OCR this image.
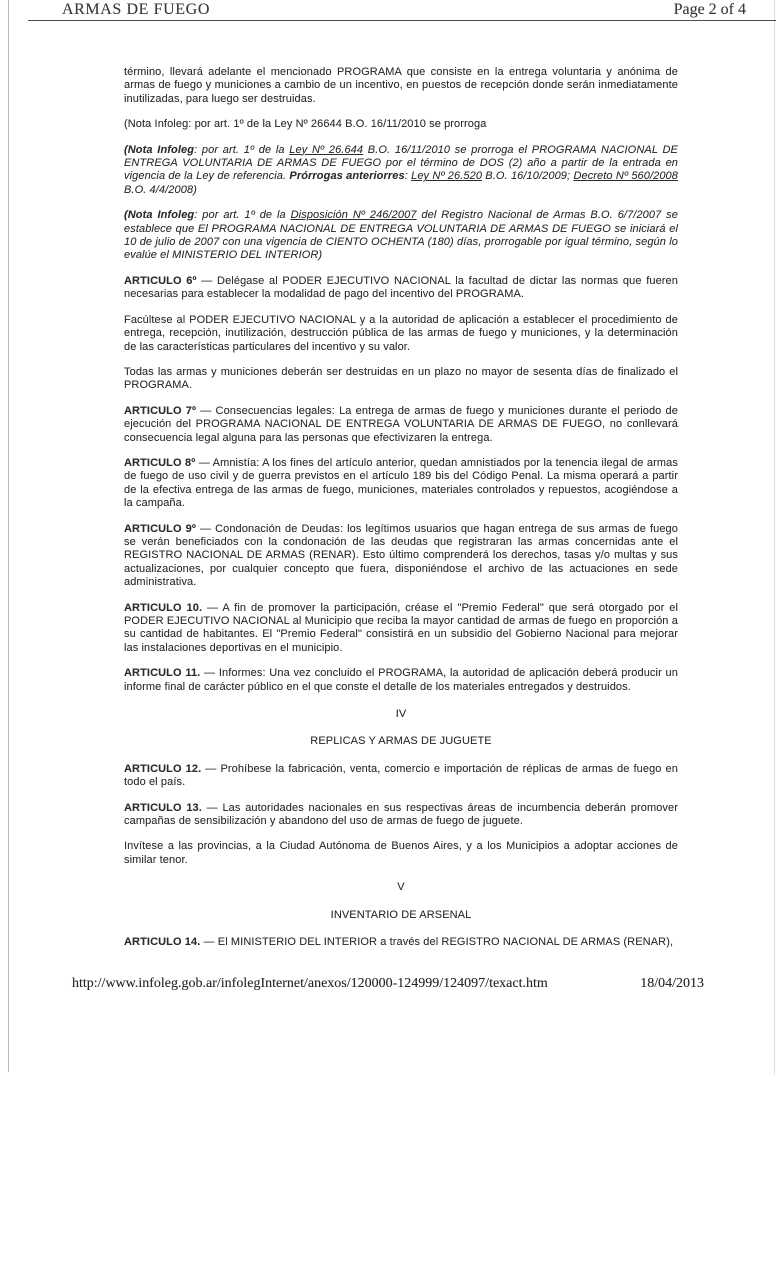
ARMAS DE FUEGO	Page 2 of 4

término, llevará adelante el mencionado PROGRAMA que consiste en la entrega voluntaria y anónima de armas de fuego y municiones a cambio de un incentivo, en puestos de recepción donde serán inmediatamente inutilizadas, para luego ser destruidas.

(Nota Infoleg: por art. 1º de la Ley Nº 26644 B.O. 16/11/2010 se prorroga

(Nota Infoleg: por art. 1º de la Ley Nº 26.644 B.O. 16/11/2010 se prorroga el PROGRAMA NACIONAL DE ENTREGA VOLUNTARIA DE ARMAS DE FUEGO por el término de DOS (2) año a partir de la entrada en vigencia de la Ley de referencia. Prórrogas anteriorres: Ley Nº 26.520 B.O. 16/10/2009; Decreto Nº 560/2008 B.O. 4/4/2008)

(Nota Infoleg: por art. 1º de la Disposición Nº 246/2007 del Registro Nacional de Armas B.O. 6/7/2007 se establece que El PROGRAMA NACIONAL DE ENTREGA VOLUNTARIA DE ARMAS DE FUEGO se iniciará el 10 de julio de 2007 con una vigencia de CIENTO OCHENTA (180) días, prorrogable por igual término, según lo evalúe el MINISTERIO DEL INTERIOR)

ARTICULO 6º — Delégase al PODER EJECUTIVO NACIONAL la facultad de dictar las normas que fueren necesarias para establecer la modalidad de pago del incentivo del PROGRAMA.

Facúltese al PODER EJECUTIVO NACIONAL y a la autoridad de aplicación a establecer el procedimiento de entrega, recepción, inutilización, destrucción pública de las armas de fuego y municiones, y la determinación de las características particulares del incentivo y su valor.

Todas las armas y municiones deberán ser destruidas en un plazo no mayor de sesenta días de finalizado el PROGRAMA.

ARTICULO 7º — Consecuencias legales: La entrega de armas de fuego y municiones durante el periodo de ejecución del PROGRAMA NACIONAL DE ENTREGA VOLUNTARIA DE ARMAS DE FUEGO, no conllevará consecuencia legal alguna para las personas que efectivizaren la entrega.

ARTICULO 8º — Amnistía: A los fines del artículo anterior, quedan amnistiados por la tenencia ilegal de armas de fuego de uso civil y de guerra previstos en el artículo 189 bis del Código Penal. La misma operará a partir de la efectiva entrega de las armas de fuego, municiones, materiales controlados y repuestos, acogiéndose a la campaña.

ARTICULO 9º — Condonación de Deudas: los legítimos usuarios que hagan entrega de sus armas de fuego se verán beneficiados con la condonación de las deudas que registraran las armas concernidas ante el REGISTRO NACIONAL DE ARMAS (RENAR). Esto último comprenderá los derechos, tasas y/o multas y sus actualizaciones, por cualquier concepto que fuera, disponiéndose el archivo de las actuaciones en sede administrativa.

ARTICULO 10. — A fin de promover la participación, créase el "Premio Federal" que será otorgado por el PODER EJECUTIVO NACIONAL al Municipio que reciba la mayor cantidad de armas de fuego en proporción a su cantidad de habitantes. El "Premio Federal" consistirá en un subsidio del Gobierno Nacional para mejorar las instalaciones deportivas en el municipio.

ARTICULO 11. — Informes: Una vez concluido el PROGRAMA, la autoridad de aplicación deberá producir un informe final de carácter público en el que conste el detalle de los materiales entregados y destruidos.

IV

REPLICAS Y ARMAS DE JUGUETE

ARTICULO 12. — Prohíbese la fabricación, venta, comercio e importación de réplicas de armas de fuego en todo el país.

ARTICULO 13. — Las autoridades nacionales en sus respectivas áreas de incumbencia deberán promover campañas de sensibilización y abandono del uso de armas de fuego de juguete.

Invítese a las provincias, a la Ciudad Autónoma de Buenos Aires, y a los Municipios a adoptar acciones de similar tenor.

V

INVENTARIO DE ARSENAL

ARTICULO 14. — El MINISTERIO DEL INTERIOR a través del REGISTRO NACIONAL DE ARMAS (RENAR),

http://www.infoleg.gob.ar/infolegInternet/anexos/120000-124999/124097/texact.htm	18/04/2013
